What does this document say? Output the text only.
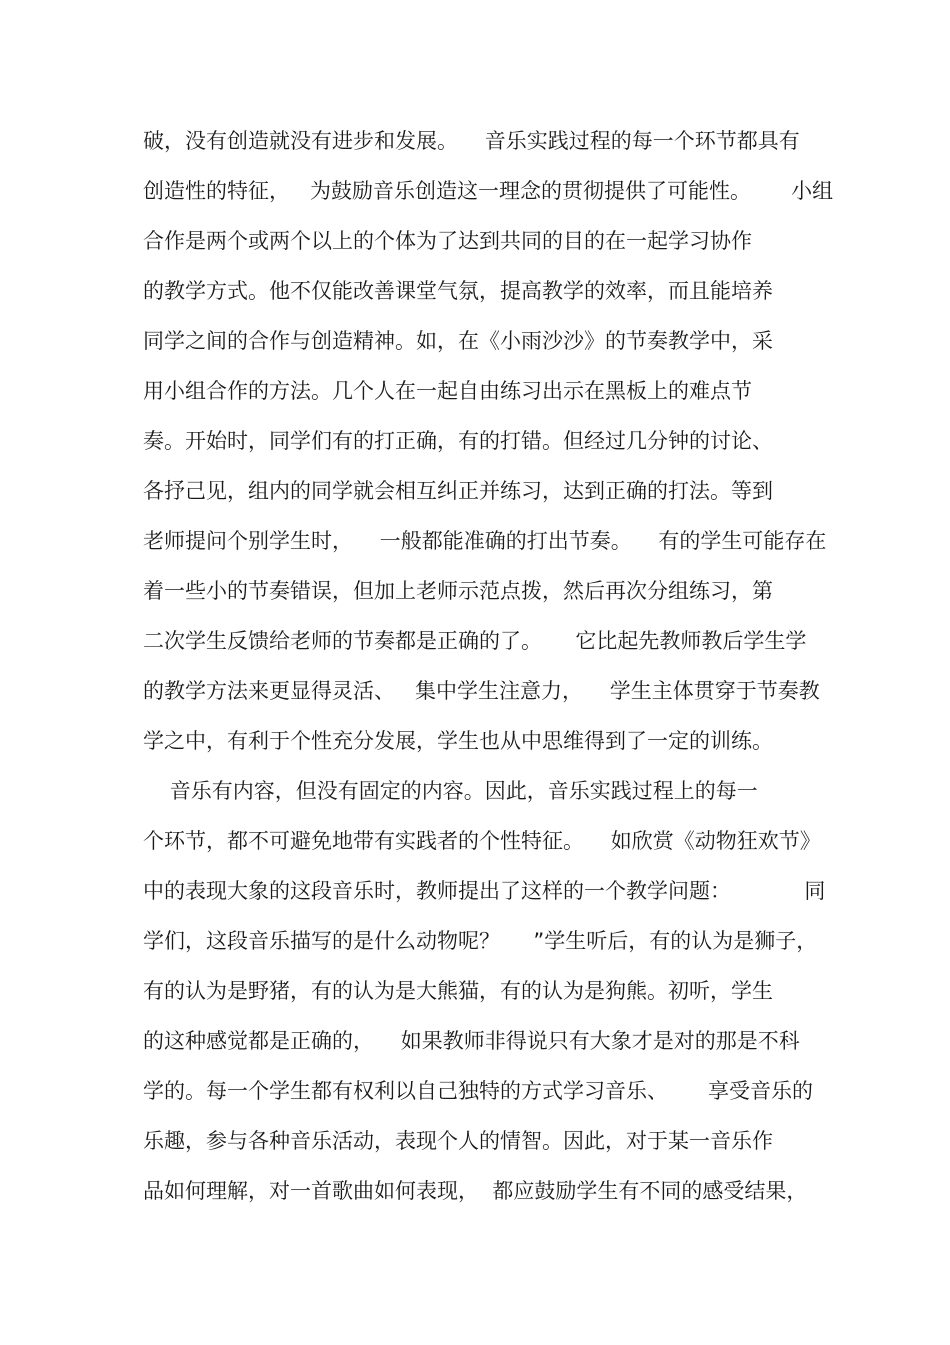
破，没有创造就没有进步和发展。    音乐实践过程的每一个环节都具有
创造性的特征，   为鼓励音乐创造这一理念的贯彻提供了可能性。      小组
合作是两个或两个以上的个体为了达到共同的目的在一起学习协作
的教学方式。他不仅能改善课堂气氛，提高教学的效率，而且能培养
同学之间的合作与创造精神。如，在《小雨沙沙》的节奏教学中，采
用小组合作的方法。几个人在一起自由练习出示在黑板上的难点节
奏。开始时，同学们有的打正确，有的打错。但经过几分钟的讨论、
各抒己见，组内的同学就会相互纠正并练习，达到正确的打法。等到
老师提问个别学生时，    一般都能准确的打出节奏。    有的学生可能存在
着一些小的节奏错误，但加上老师示范点拨，然后再次分组练习，第
二次学生反馈给老师的节奏都是正确的了。     它比起先教师教后学生学
的教学方法来更显得灵活、   集中学生注意力，    学生主体贯穿于节奏教
学之中，有利于个性充分发展，学生也从中思维得到了一定的训练。
音乐有内容，但没有固定的内容。因此，音乐实践过程上的每一
个环节，都不可避免地带有实践者的个性特征。    如欣赏《动物狂欢节》
中的表现大象的这段音乐时，教师提出了这样的一个教学问题：           同
学们，这段音乐描写的是什么动物呢？     ”学生听后，有的认为是狮子，
有的认为是野猪，有的认为是大熊猫，有的认为是狗熊。初听，学生
的这种感觉都是正确的，    如果教师非得说只有大象才是对的那是不科
学的。每一个学生都有权利以自己独特的方式学习音乐、      享受音乐的
乐趣，参与各种音乐活动，表现个人的情智。因此，对于某一音乐作
品如何理解，对一首歌曲如何表现，  都应鼓励学生有不同的感受结果，
